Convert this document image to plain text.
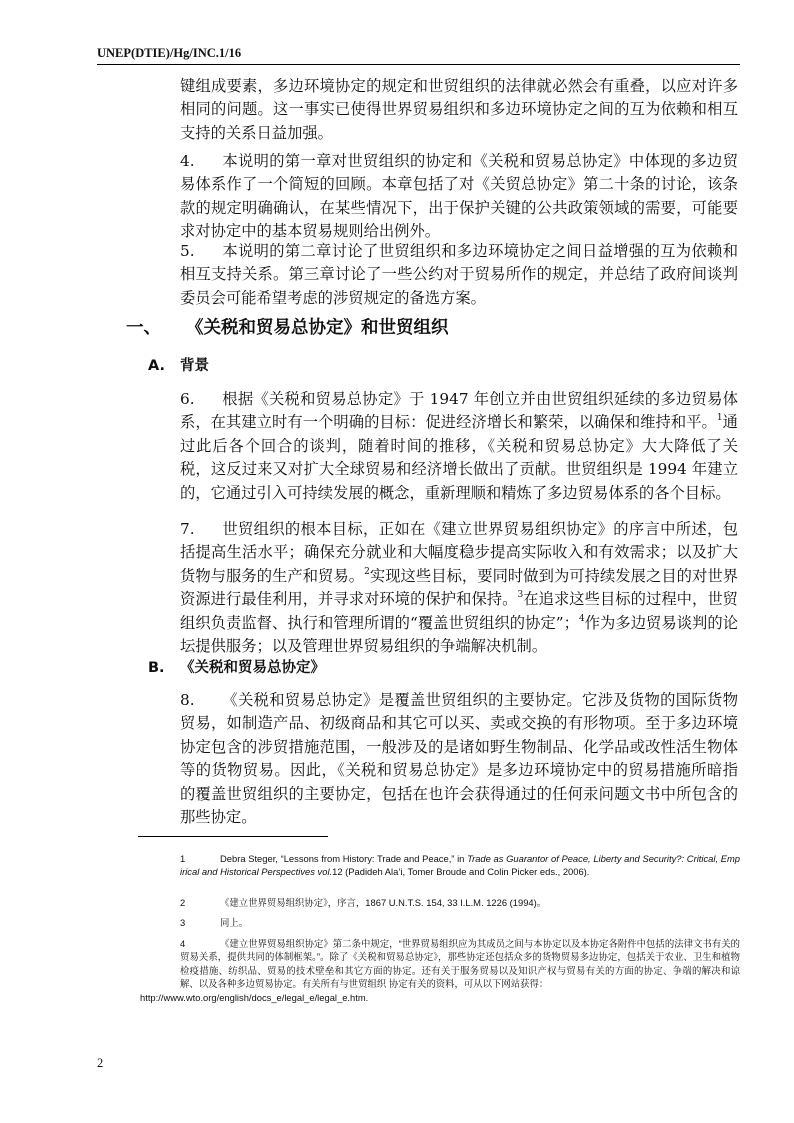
UNEP(DTIE)/Hg/INC.1/16

键组成要素，多边环境协定的规定和世贸组织的法律就必然会有重叠，以应对许多相同的问题。这一事实已使得世界贸易组织和多边环境协定之间的互为依赖和相互支持的关系日益加强。

4. 本说明的第一章对世贸组织的协定和《关税和贸易总协定》中体现的多边贸易体系作了一个简短的回顾。本章包括了对《关贸总协定》第二十条的讨论，该条款的规定明确确认，在某些情况下，出于保护关键的公共政策领域的需要，可能要求对协定中的基本贸易规则给出例外。

5. 本说明的第二章讨论了世贸组织和多边环境协定之间日益增强的互为依赖和相互支持关系。第三章讨论了一些公约对于贸易所作的规定，并总结了政府间谈判委员会可能希望考虑的涉贸规定的备选方案。

一、 《关税和贸易总协定》和世贸组织
A. 背景

6. 根据《关税和贸易总协定》于 1947 年创立并由世贸组织延续的多边贸易体系，在其建立时有一个明确的目标：促进经济增长和繁荣，以确保和维持和平。$^1$通过此后各个回合的谈判，随着时间的推移，《关税和贸易总协定》大大降低了关税，这反过来又对扩大全球贸易和经济增长做出了贡献。世贸组织是 1994 年建立的，它通过引入可持续发展的概念，重新理顺和精炼了多边贸易体系的各个目标。

7. 世贸组织的根本目标，正如在《建立世界贸易组织协定》的序言中所述，包括提高生活水平；确保充分就业和大幅度稳步提高实际收入和有效需求；以及扩大货物与服务的生产和贸易。$^2$实现这些目标，要同时做到为可持续发展之目的对世界资源进行最佳利用，并寻求对环境的保护和保持。$^3$在追求这些目标的过程中，世贸组织负责监督、执行和管理所谓的“覆盖世贸组织的协定”；$^4$作为多边贸易谈判的论坛提供服务；以及管理世界贸易组织的争端解决机制。

B. 《关税和贸易总协定》

8. 《关税和贸易总协定》是覆盖世贸组织的主要协定。它涉及货物的国际货物贸易，如制造产品、初级商品和其它可以买、卖或交换的有形物项。至于多边环境协定包含的涉贸措施范围，一般涉及的是诸如野生物制品、化学品或改性活生物体等的货物贸易。因此，《关税和贸易总协定》是多边环境协定中的贸易措施所暗指的覆盖世贸组织的主要协定，包括在也许会获得通过的任何汞问题文书中所包含的那些协定。

1	Debra Steger, “Lessons from History: Trade and Peace,” in Trade as Guarantor of Peace, Liberty and Security?: Critical, Empirical and Historical Perspectives vol.12 (Padideh Ala’i, Tomer Broude and Colin Picker eds., 2006).

2	《建立世界贸易组织协定》，序言，1867 U.N.T.S. 154, 33 I.L.M. 1226 (1994)。

3	同上。

4	《建立世界贸易组织协定》第二条中规定，“世界贸易组织应为其成员之间与本协定以及本协定各附件中包括的法律文书有关的贸易关系，提供共同的体制框架。”。除了《关税和贸易总协定》，那些协定还包括众多的货物贸易多边协定，包括关于农业、卫生和植物检疫措施、纺织品、贸易的技术壁垒和其它方面的协定。还有关于服务贸易以及知识产权与贸易有关的方面的协定、争端的解决和谅解、以及各种多边贸易协定。有关所有与世贸组织 协定有关的资料，可从以下网站获得：
http://www.wto.org/english/docs_e/legal_e/legal_e.htm.

2
